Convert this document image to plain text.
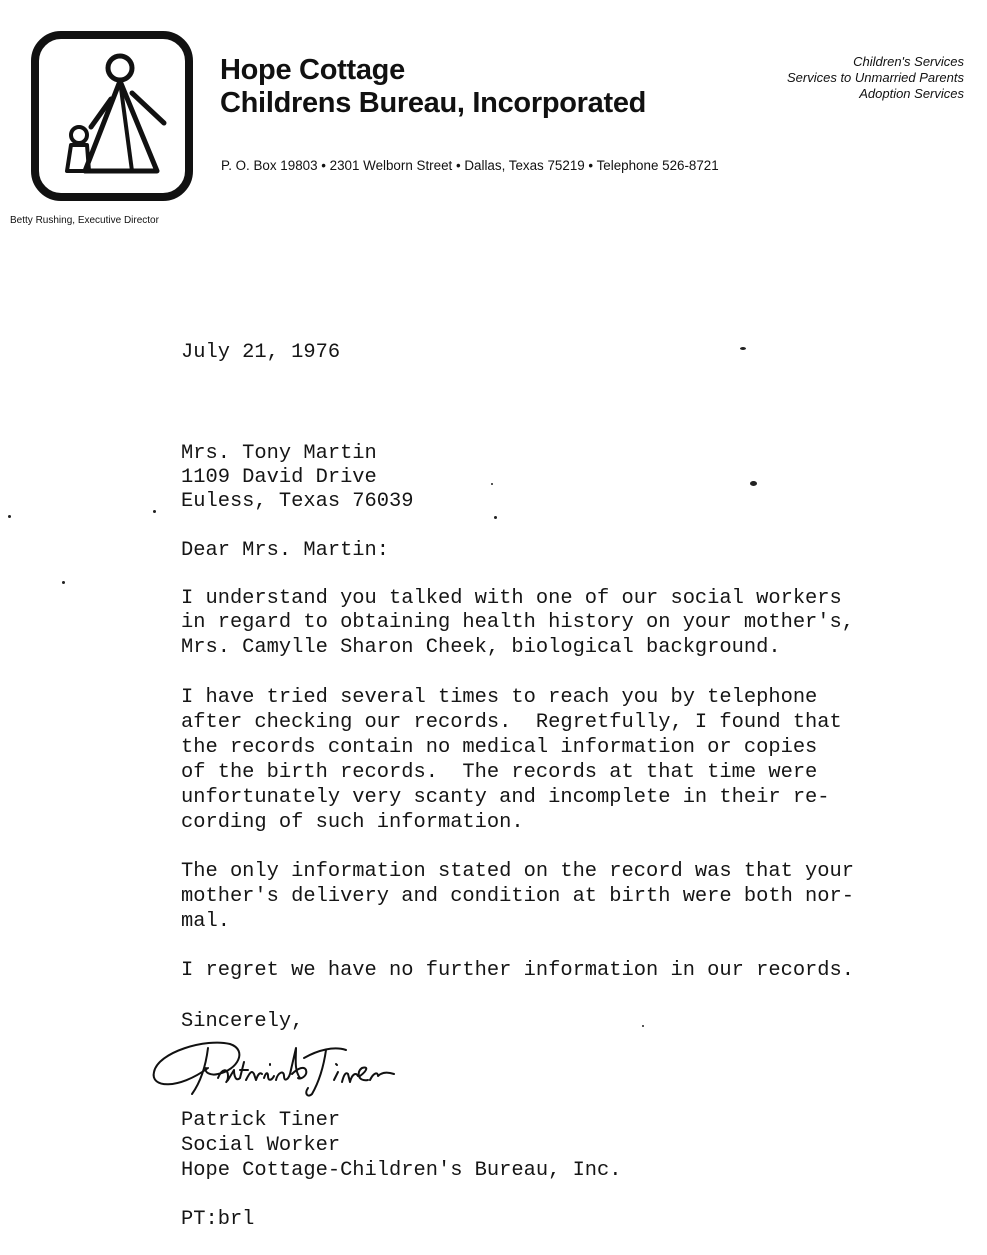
Hope Cottage
Childrens Bureau, Incorporated
Children's Services
Services to Unmarried Parents
Adoption Services
P. O. Box 19803 • 2301 Welborn Street • Dallas, Texas 75219 • Telephone 526-8721
Betty Rushing, Executive Director
July 21, 1976
Mrs. Tony Martin
1109 David Drive
Euless, Texas 76039
Dear Mrs. Martin:
I understand you talked with one of our social workers
in regard to obtaining health history on your mother's,
Mrs. Camylle Sharon Cheek, biological background.
I have tried several times to reach you by telephone
after checking our records.  Regretfully, I found that
the records contain no medical information or copies
of the birth records.  The records at that time were
unfortunately very scanty and incomplete in their re-
cording of such information.
The only information stated on the record was that your
mother's delivery and condition at birth were both nor-
mal.
I regret we have no further information in our records.
Sincerely,
Patrick Tiner
Social Worker
Hope Cottage-Children's Bureau, Inc.
PT:brl
